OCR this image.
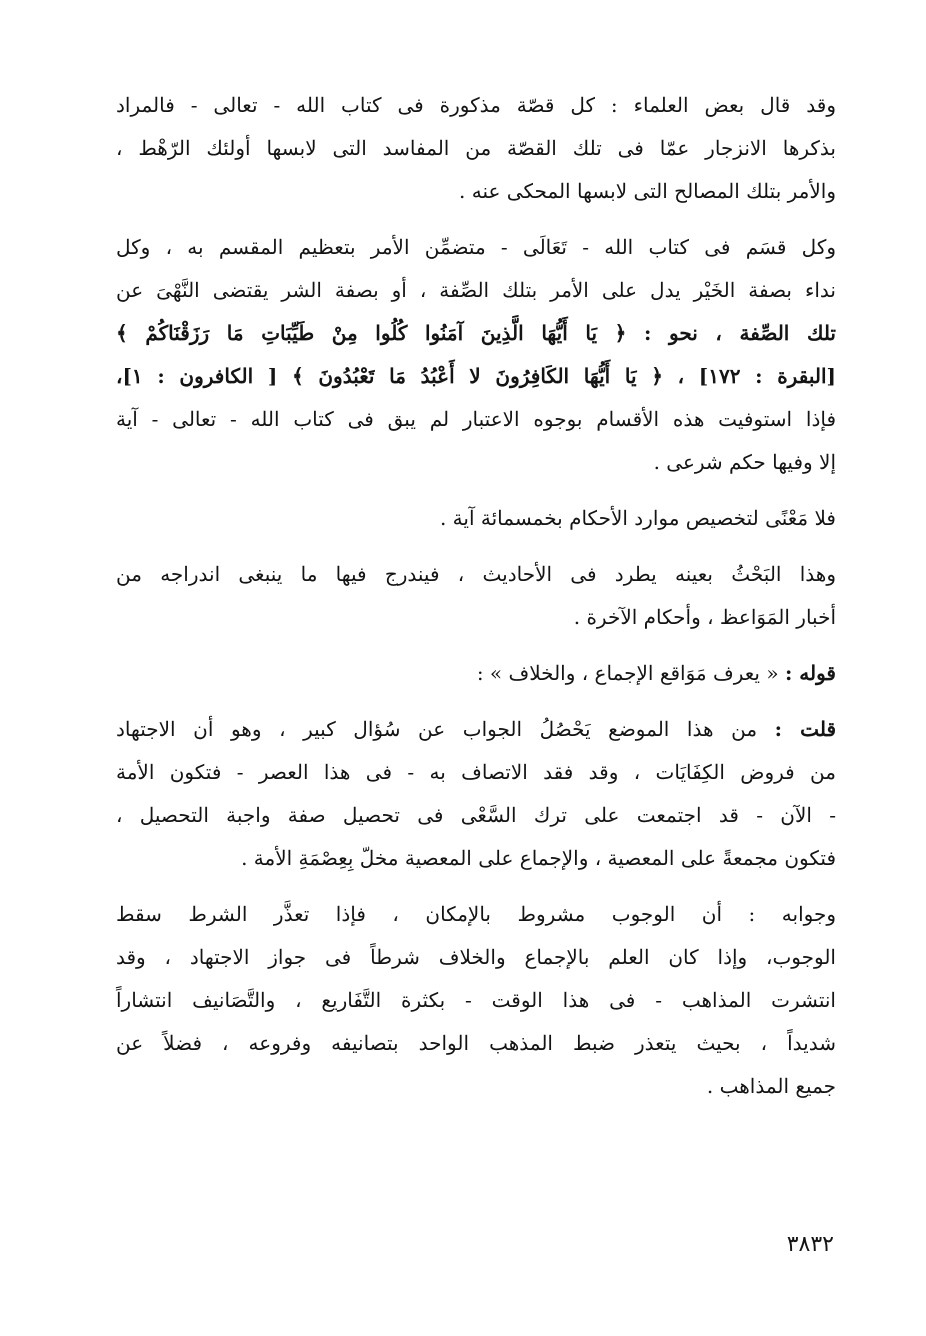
وقد قال بعض العلماء : كل قصّة مذكورة فى كتاب الله - تعالى - فالمراد
بذكرها الانزجار عمّا فى تلك القصّة من المفاسد التى لابسها أولئك الرّهْط ،
والأمر بتلك المصالح التى لابسها المحكى عنه .

وكل قسَم فى كتاب الله - تَعَالَى - متضمِّن الأمر بتعظيم المقسم به ، وكل
نداء بصفة الخَيْر يدل على الأمر بتلك الصِّفة ، أو بصفة الشر يقتضى النَّهْىَ عن
تلك الصِّفة ، نحو : ﴿ يَا أَيُّهَا الَّذِينَ آمَنُوا كُلُوا مِنْ طَيِّبَاتِ مَا رَزَقْنَاكُمْ ﴾
[البقرة : ١٧٢] ، ﴿ يَا أَيُّهَا الكَافِرُونَ لا أَعْبُدُ مَا تَعْبُدُونَ ﴾ [ الكافرون : ١]،
فإذا استوفيت هذه الأقسام بوجوه الاعتبار لم يبق فى كتاب الله - تعالى - آية
إلا وفيها حكم شرعى .

فلا مَعْنًى لتخصيص موارد الأحكام بخمسمائة آية .

وهذا البَحْثُ بعينه يطرد فى الأحاديث ، فيندرج فيها ما ينبغى اندراجه من
أخبار المَوَاعظ ، وأحكام الآخرة .

قوله : « يعرف مَوَاقع الإجماع ، والخلاف » :

قلت : من هذا الموضع يَحْصُلُ الجواب عن سُؤال كبير ، وهو أن الاجتهاد
من فروض الكِفَايَات ، وقد فقد الاتصاف به - فى هذا العصر - فتكون الأمة
- الآن - قد اجتمعت على ترك السَّعْى فى تحصيل صفة واجبة التحصيل ،
فتكون مجمعةً على المعصية ، والإجماع على المعصية مخلّ بِعِصْمَةِ الأمة .

وجوابه : أن الوجوب مشروط بالإمكان ، فإذا تعذَّر الشرط سقط
الوجوب، وإذا كان العلم بالإجماع والخلاف شرطاً فى جواز الاجتهاد ، وقد
انتشرت المذاهب - فى هذا الوقت - بكثرة التَّفَاريع ، والتَّصَانيف انتشاراً
شديداً ، بحيث يتعذر ضبط المذهب الواحد بتصانيفه وفروعه ، فضلاً عن
جميع المذاهب .

٣٨٣٢
